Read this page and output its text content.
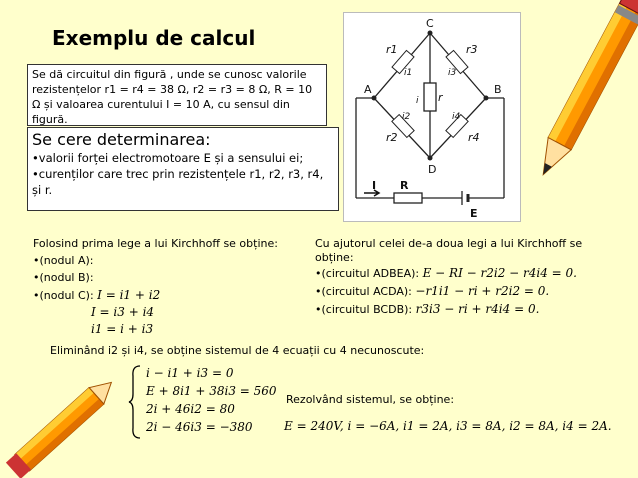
Exemplu de calcul
Se dă circuitul din figură , unde se cunosc valorile
rezistențelor r1 = r4 = 38 Ω, r2 = r3 = 8 Ω, R = 10
Ω și valoarea curentului I = 10 A, cu sensul din
figură.
Se cere determinarea:

•valorii forței electromotoare E și a sensului ei;

•curenților care trec prin rezistențele r1, r2, r3, r4,

și r.

C
A	B
D
r1	r3
r2	r4
r
i1	i3
i2	i4
i
I R
E
Folosind prima lege a lui Kirchhoff se obține:
•(nodul A):
•(nodul B):
•(nodul C): I = i1 + i2
I = i3 + i4
i1 = i + i3
Cu ajutorul celei de-a doua legi a lui Kirchhoff se
obține:
•(circuitul ADBEA): E − RI − r2i2 − r4i4 = 0.
•(circuitul ACDA): −r1i1 − ri + r2i2 = 0.
•(circuitul BCDB): r3i3 − ri + r4i4 = 0.
Eliminând i2 și i4, se obține sistemul de 4 ecuații cu 4 necunoscute:
i − i1 + i3 = 0
E + 8i1 + 38i3 = 560
2i + 46i2 = 80
2i − 46i3 = −380
Rezolvând sistemul, se obține:
E = 240V, i = −6A, i1 = 2A, i3 = 8A, i2 = 8A, i4 = 2A.
